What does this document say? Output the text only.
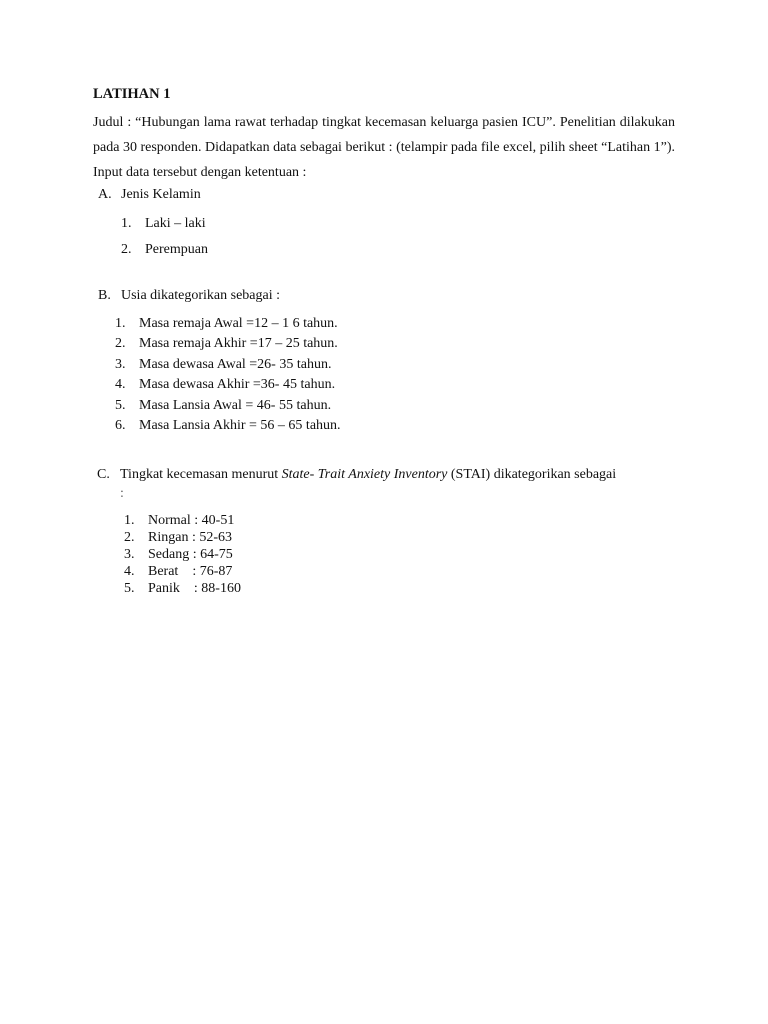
LATIHAN 1
Judul : “Hubungan lama rawat terhadap tingkat kecemasan keluarga pasien ICU”. Penelitian dilakukan pada 30 responden. Didapatkan data sebagai berikut : (telampir pada file excel, pilih sheet “Latihan 1”). Input data tersebut dengan ketentuan :
A. Jenis Kelamin
1. Laki – laki
2. Perempuan
B. Usia dikategorikan sebagai :
1. Masa remaja Awal =12 – 1 6 tahun.
2. Masa remaja Akhir =17 – 25 tahun.
3. Masa dewasa Awal =26- 35 tahun.
4. Masa dewasa Akhir =36- 45 tahun.
5. Masa Lansia Awal = 46- 55 tahun.
6. Masa Lansia Akhir = 56 – 65 tahun.
C. Tingkat kecemasan menurut State- Trait Anxiety Inventory (STAI) dikategorikan sebagai
:
1. Normal : 40-51
2. Ringan : 52-63
3. Sedang : 64-75
4. Berat    : 76-87
5. Panik    : 88-160
